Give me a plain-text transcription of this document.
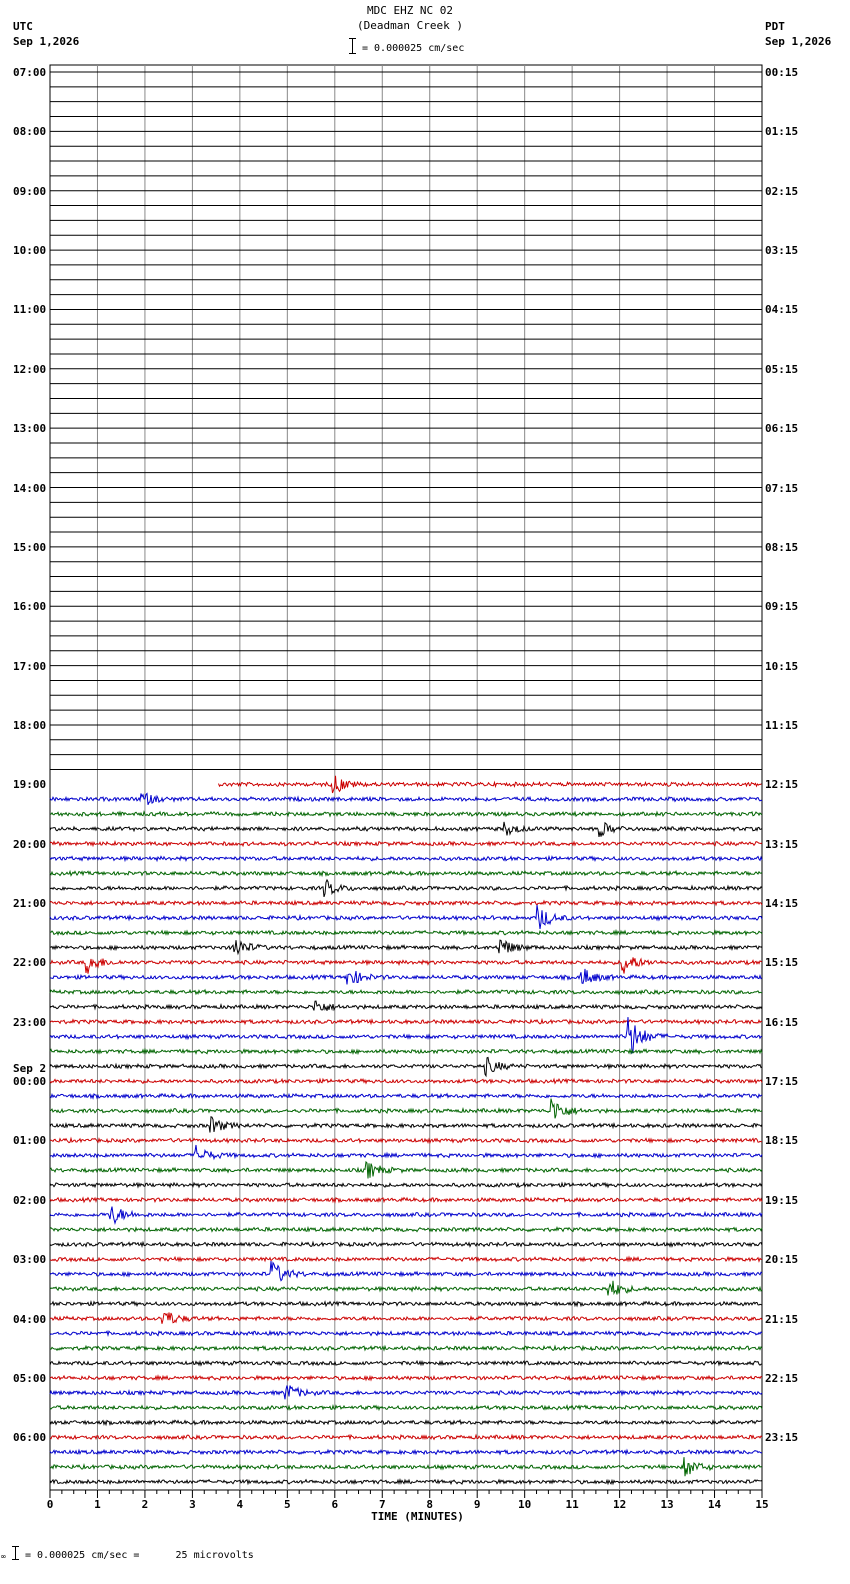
0	1	2	3	4	5	6	7	8	9	10	11	12	13	14	15
MDC EHZ NC 02
(Deadman Creek )
= 0.000025 cm/sec
UTC
Sep 1,2026
PDT
Sep 1,2026
07:00
08:00
09:00
10:00
11:00
12:00
13:00
14:00
15:00
16:00
17:00
18:00
19:00
20:00
21:00
22:00
23:00
00:00
01:00
02:00
03:00
04:00
05:00
06:00
00:15
01:15
02:15
03:15
04:15
05:15
06:15
07:15
08:15
09:15
10:15
11:15
12:15
13:15
14:15
15:15
16:15
17:15
18:15
19:15
20:15
21:15
22:15
23:15
Sep 2
TIME (MINUTES)
∞ = 0.000025 cm/sec =      25 microvolts
